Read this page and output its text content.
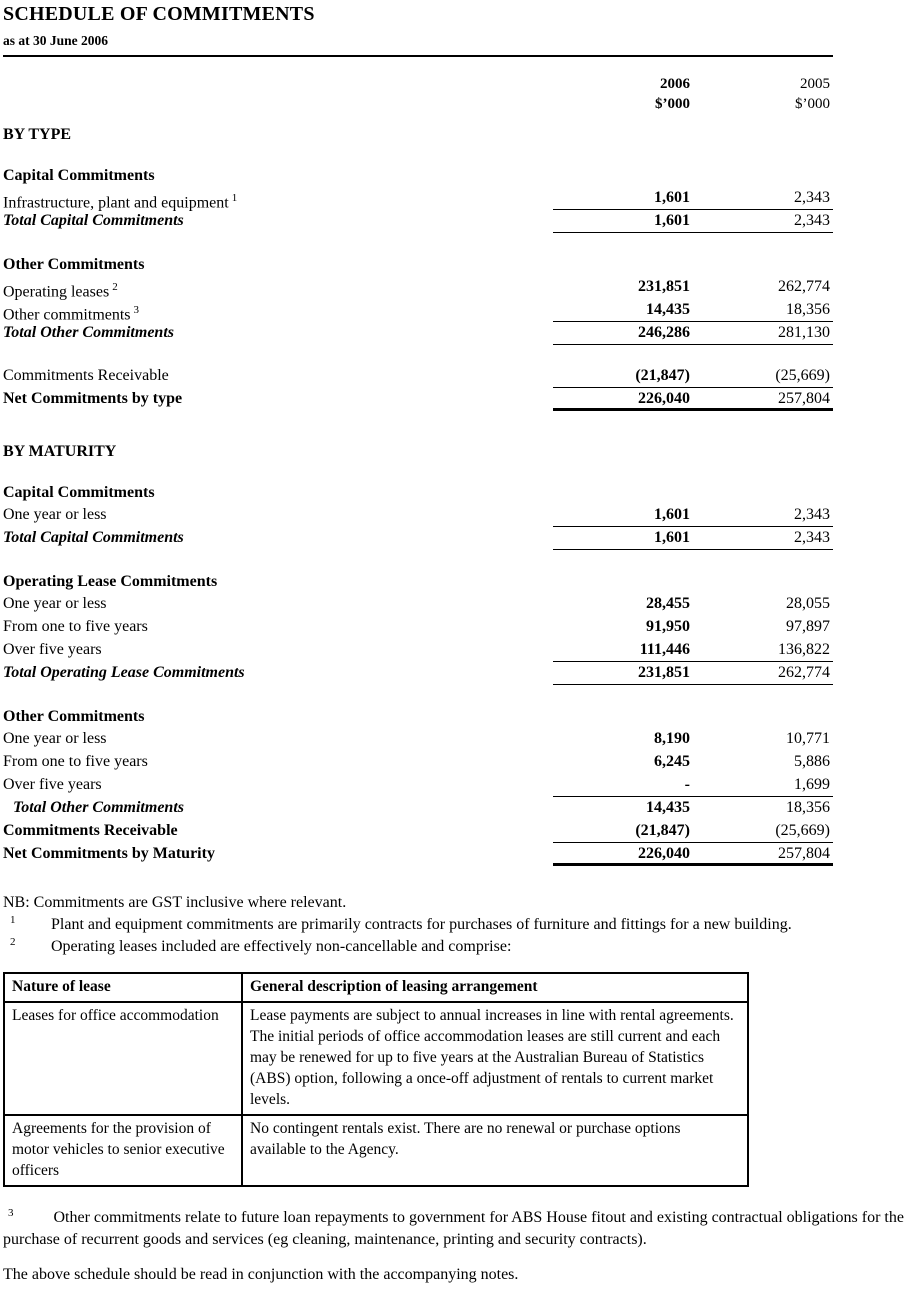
SCHEDULE OF COMMITMENTS
as at 30 June 2006
2006
$’000
2005
$’000
BY TYPE
Capital Commitments
Infrastructure, plant and equipment $^1$	1,601	2,343
Total Capital Commitments	1,601	2,343
Other Commitments
Operating leases $^2$	231,851	262,774
Other commitments $^3$	14,435	18,356
Total Other Commitments	246,286	281,130
Commitments Receivable	(21,847)	(25,669)
Net Commitments by type	226,040	257,804
BY MATURITY
Capital Commitments
One year or less	1,601	2,343
Total Capital Commitments	1,601	2,343
Operating Lease Commitments
One year or less	28,455	28,055
From one to five years	91,950	97,897
Over five years	111,446	136,822
Total Operating Lease Commitments	231,851	262,774
Other Commitments
One year or less	8,190	10,771
From one to five years	6,245	5,886
Over five years	-	1,699
Total Other Commitments	14,435	18,356
Commitments Receivable	(21,847)	(25,669)
Net Commitments by Maturity	226,040	257,804
NB: Commitments are GST inclusive where relevant.
1	Plant and equipment commitments are primarily contracts for purchases of furniture and fittings for a new building.
2	Operating leases included are effectively non-cancellable and comprise:
Nature of lease	General description of leasing arrangement
Leases for office accommodation	Lease payments are subject to annual increases in line with rental agreements. The initial periods of office accommodation leases are still current and each may be renewed for up to five years at the Australian Bureau of Statistics (ABS) option, following a once-off adjustment of rentals to current market levels.
Agreements for the provision of motor vehicles to senior executive officers	No contingent rentals exist. There are no renewal or purchase options available to the Agency.
$^3$	Other commitments relate to future loan repayments to government for ABS House fitout and existing contractual obligations for the purchase of recurrent goods and services (eg cleaning, maintenance, printing and security contracts).
The above schedule should be read in conjunction with the accompanying notes.
